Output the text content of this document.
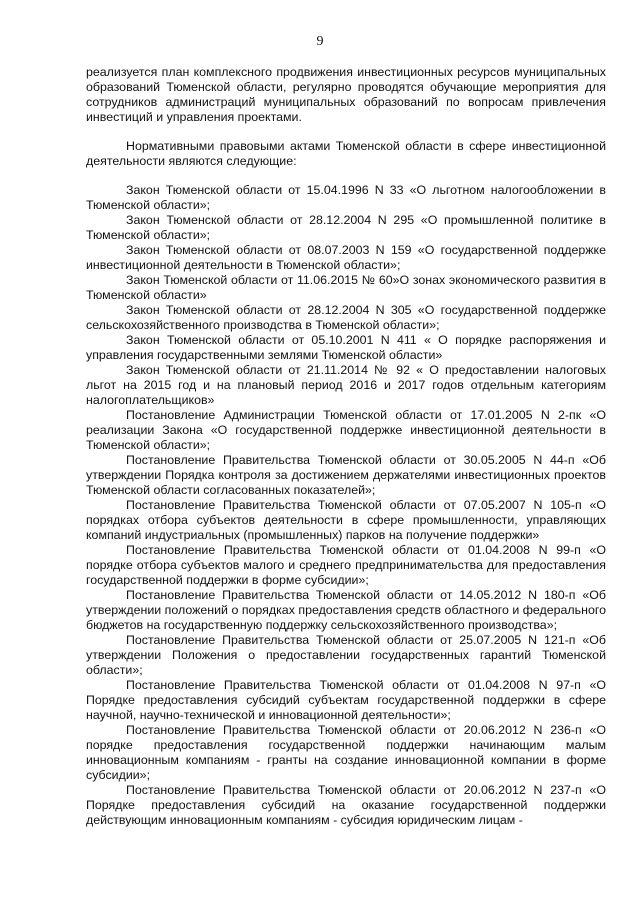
9

реализуется план комплексного продвижения инвестиционных ресурсов муниципальных образований Тюменской области, регулярно проводятся обучающие мероприятия для сотрудников администраций муниципальных образований по вопросам привлечения инвестиций и управления проектами.

Нормативными правовыми актами Тюменской области в сфере инвестиционной деятельности являются следующие:

Закон Тюменской области от 15.04.1996 N 33 «О льготном налогообложении в Тюменской области»;

Закон Тюменской области от 28.12.2004 N 295 «О промышленной политике в Тюменской области»;

Закон Тюменской области от 08.07.2003 N 159 «О государственной поддержке инвестиционной деятельности в Тюменской области»;

Закон Тюменской области от 11.06.2015 № 60»О зонах экономического развития в Тюменской области»

Закон Тюменской области от 28.12.2004 N 305 «О государственной поддержке сельскохозяйственного производства в Тюменской области»;

Закон Тюменской области от 05.10.2001 N 411 « О порядке распоряжения и управления государственными землями Тюменской области»

Закон Тюменской области от 21.11.2014 № 92 « О предоставлении налоговых льгот на 2015 год и на плановый период 2016 и 2017 годов отдельным категориям налогоплательщиков»

Постановление Администрации Тюменской области от 17.01.2005 N 2-пк «О реализации Закона «О государственной поддержке инвестиционной деятельности в Тюменской области»;

Постановление Правительства Тюменской области от 30.05.2005 N 44-п «Об утверждении Порядка контроля за достижением держателями инвестиционных проектов Тюменской области согласованных показателей»;

Постановление Правительства Тюменской области от 07.05.2007 N 105-п «О порядках отбора субъектов деятельности в сфере промышленности, управляющих компаний индустриальных (промышленных) парков на получение поддержки»

Постановление Правительства Тюменской области от 01.04.2008 N 99-п «О порядке отбора субъектов малого и среднего предпринимательства для предоставления государственной поддержки в форме субсидии»;

Постановление Правительства Тюменской области от 14.05.2012 N 180-п «Об утверждении положений о порядках предоставления средств областного и федерального бюджетов на государственную поддержку сельскохозяйственного производства»;

Постановление Правительства Тюменской области от 25.07.2005 N 121-п «Об утверждении Положения о предоставлении государственных гарантий Тюменской области»;

Постановление Правительства Тюменской области от 01.04.2008 N 97-п «О Порядке предоставления субсидий субъектам государственной поддержки в сфере научной, научно-технической и инновационной деятельности»;

Постановление Правительства Тюменской области от 20.06.2012 N 236-п «О порядке предоставления государственной поддержки начинающим малым инновационным компаниям - гранты на создание инновационной компании в форме субсидии»;

Постановление Правительства Тюменской области от 20.06.2012 N 237-п «О Порядке предоставления субсидий на оказание государственной поддержки действующим инновационным компаниям - субсидия юридическим лицам -
